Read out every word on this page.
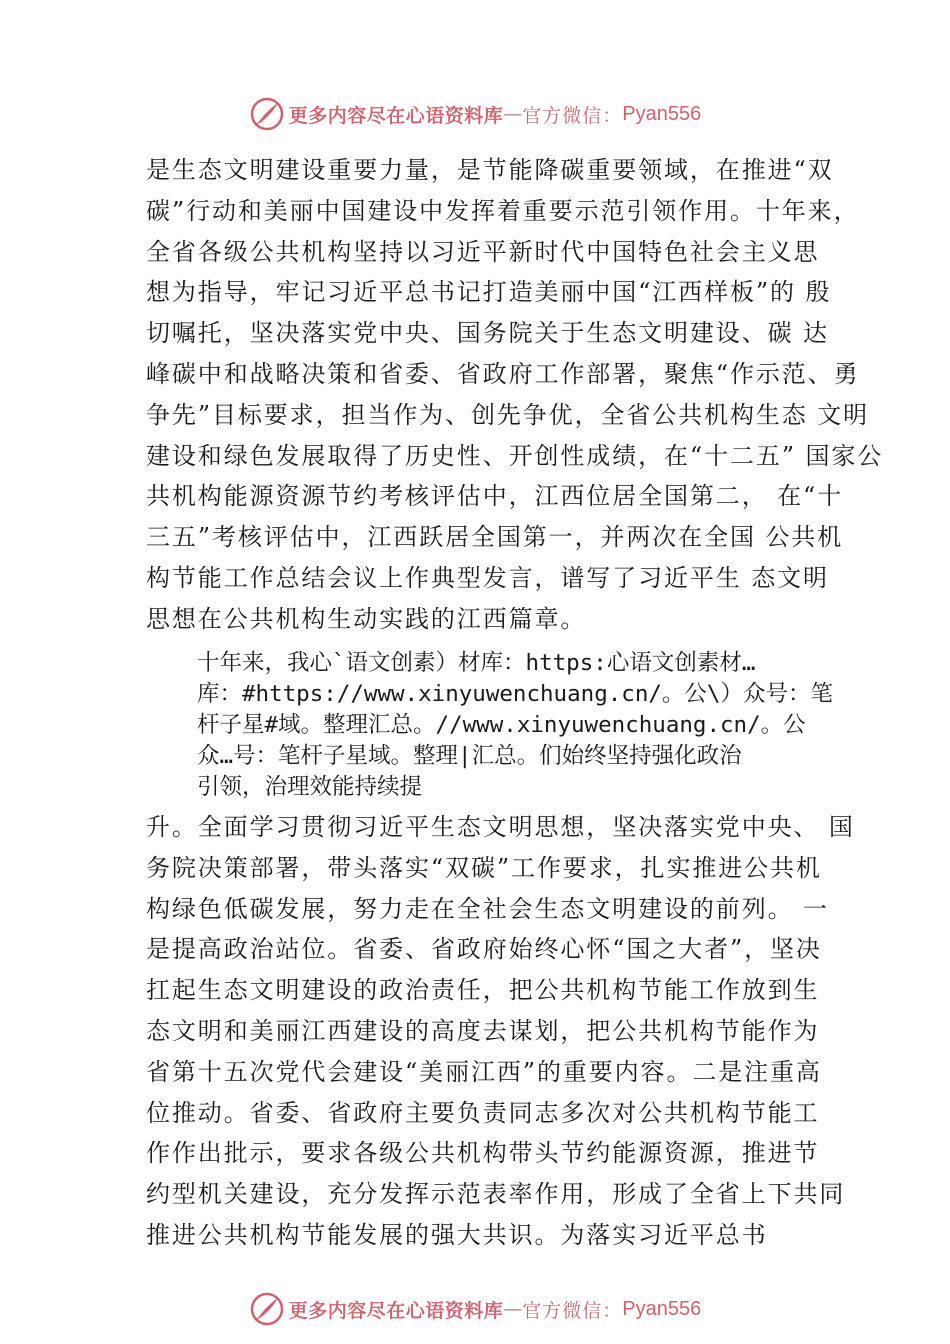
更多内容尽在心语资料库 — 官方微信： Pyan556
是生态文明建设重要力量，是节能降碳重要领域，在推进“双
碳”行动和美丽中国建设中发挥着重要示范引领作用。十年来，
全省各级公共机构坚持以习近平新时代中国特色社会主义思
想为指导，牢记习近平总书记打造美丽中国“江西样板”的 殷
切嘱托，坚决落实党中央、国务院关于生态文明建设、碳 达
峰碳中和战略决策和省委、省政府工作部署，聚焦“作示范、勇
争先”目标要求，担当作为、创先争优，全省公共机构生态 文明
建设和绿色发展取得了历史性、开创性成绩，在“十二五” 国家公
共机构能源资源节约考核评估中，江西位居全国第二， 在“十
三五”考核评估中，江西跃居全国第一，并两次在全国 公共机
构节能工作总结会议上作典型发言，谱写了习近平生 态文明
思想在公共机构生动实践的江西篇章。
十年来，我心`语文创素）材库：https:心语文创素材…
库：#https://www.xinyuwenchuang.cn/。公\）众号：笔
杆子星#域。整理汇总。//www.xinyuwenchuang.cn/。公
众…号：笔杆子星域。整理|汇总。们始终坚持强化政治
引领，治理效能持续提
升。全面学习贯彻习近平生态文明思想，坚决落实党中央、 国
务院决策部署，带头落实“双碳”工作要求，扎实推进公共机
构绿色低碳发展，努力走在全社会生态文明建设的前列。 一
是提高政治站位。省委、省政府始终心怀“国之大者”，坚决
扛起生态文明建设的政治责任，把公共机构节能工作放到生
态文明和美丽江西建设的高度去谋划，把公共机构节能作为
省第十五次党代会建设“美丽江西”的重要内容。二是注重高
位推动。省委、省政府主要负责同志多次对公共机构节能工
作作出批示，要求各级公共机构带头节约能源资源，推进节
约型机关建设，充分发挥示范表率作用，形成了全省上下共同
推进公共机构节能发展的强大共识。为落实习近平总书
更多内容尽在心语资料库 — 官方微信： Pyan556
